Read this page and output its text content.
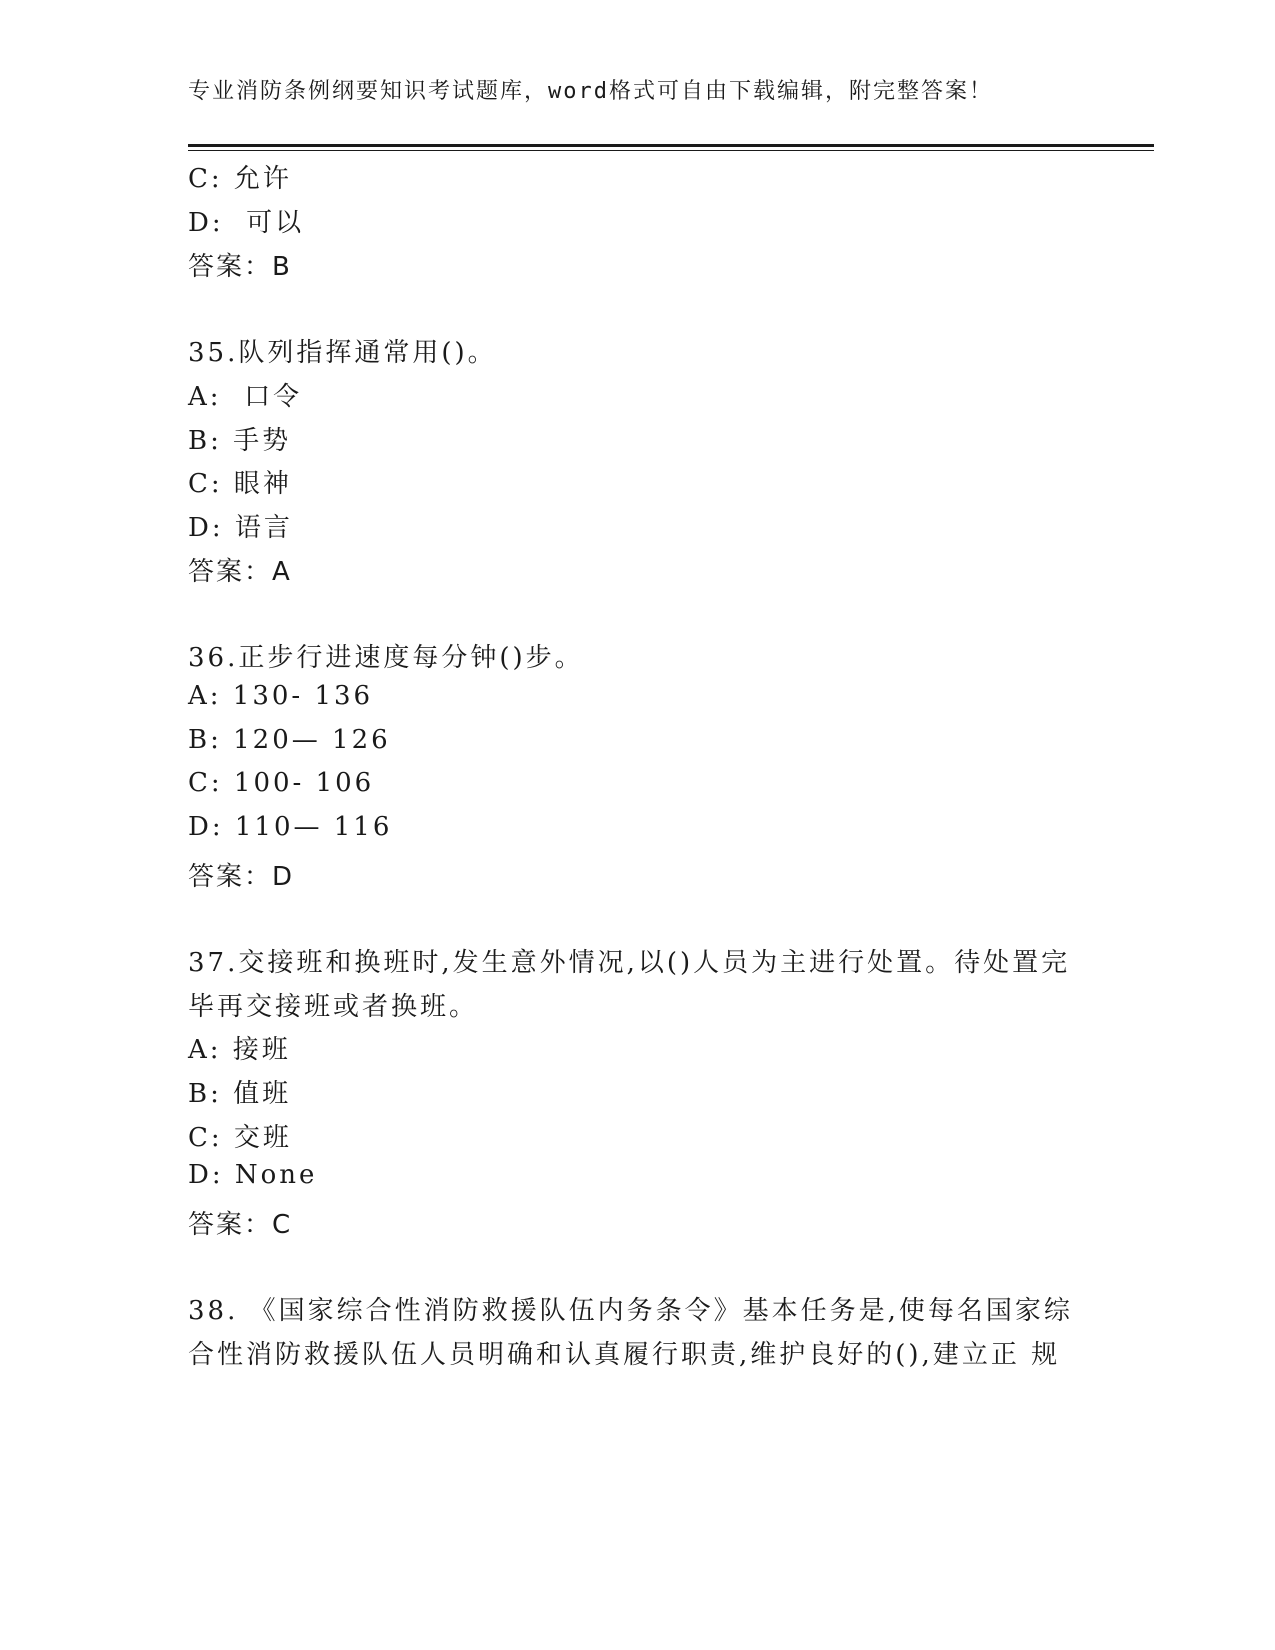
专业消防条例纲要知识考试题库，word格式可自由下载编辑，附完整答案！
C: 允许
D:  可以
答案：B
35.队列指挥通常用()。
A:  口令
B: 手势
C: 眼神
D: 语言
答案：A
36.正步行进速度每分钟()步。
A: 130- 136
B: 120— 126
C: 100- 106
D: 110— 116
答案：D
37.交接班和换班时,发生意外情况,以()人员为主进行处置。待处置完
毕再交接班或者换班。
A: 接班
B: 值班
C: 交班
D: None
答案：C
38. 《国家综合性消防救援队伍内务条令》基本任务是,使每名国家综
合性消防救援队伍人员明确和认真履行职责,维护良好的(),建立正 规
